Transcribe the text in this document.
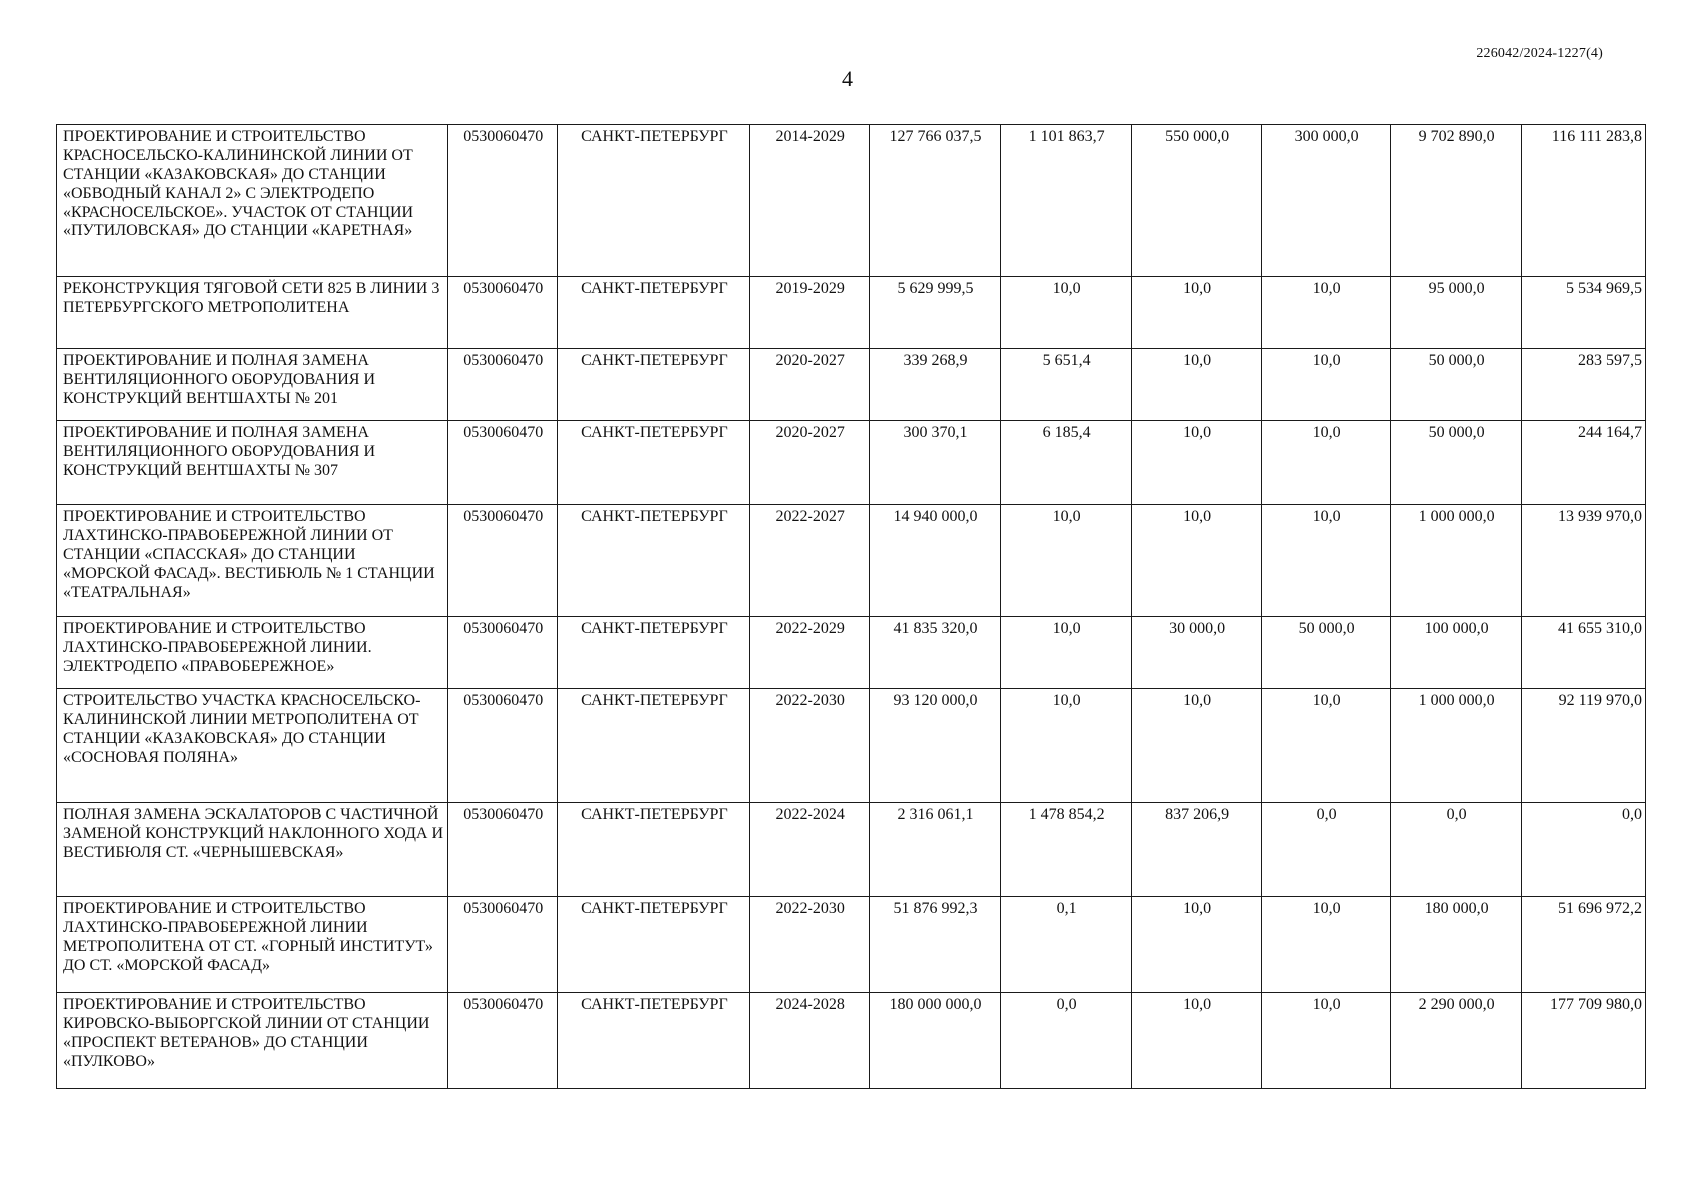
226042/2024-1227(4)
4
ПРОЕКТИРОВАНИЕ И СТРОИТЕЛЬСТВО КРАСНОСЕЛЬСКО-КАЛИНИНСКОЙ ЛИНИИ ОТ СТАНЦИИ «КАЗАКОВСКАЯ» ДО СТАНЦИИ «ОБВОДНЫЙ КАНАЛ 2» С ЭЛЕКТРОДЕПО «КРАСНОСЕЛЬСКОЕ». УЧАСТОК ОТ СТАНЦИИ «ПУТИЛОВСКАЯ» ДО СТАНЦИИ «КАРЕТНАЯ»	0530060470	САНКТ-ПЕТЕРБУРГ	2014-2029	127 766 037,5	1 101 863,7	550 000,0	300 000,0	9 702 890,0	116 111 283,8
РЕКОНСТРУКЦИЯ ТЯГОВОЙ СЕТИ 825 В ЛИНИИ 3 ПЕТЕРБУРГСКОГО МЕТРОПОЛИТЕНА	0530060470	САНКТ-ПЕТЕРБУРГ	2019-2029	5 629 999,5	10,0	10,0	10,0	95 000,0	5 534 969,5
ПРОЕКТИРОВАНИЕ И ПОЛНАЯ ЗАМЕНА ВЕНТИЛЯЦИОННОГО ОБОРУДОВАНИЯ И КОНСТРУКЦИЙ ВЕНТШАХТЫ № 201	0530060470	САНКТ-ПЕТЕРБУРГ	2020-2027	339 268,9	5 651,4	10,0	10,0	50 000,0	283 597,5
ПРОЕКТИРОВАНИЕ И ПОЛНАЯ ЗАМЕНА ВЕНТИЛЯЦИОННОГО ОБОРУДОВАНИЯ И КОНСТРУКЦИЙ ВЕНТШАХТЫ № 307	0530060470	САНКТ-ПЕТЕРБУРГ	2020-2027	300 370,1	6 185,4	10,0	10,0	50 000,0	244 164,7
ПРОЕКТИРОВАНИЕ И СТРОИТЕЛЬСТВО ЛАХТИНСКО-ПРАВОБЕРЕЖНОЙ ЛИНИИ ОТ СТАНЦИИ «СПАССКАЯ» ДО СТАНЦИИ «МОРСКОЙ ФАСАД». ВЕСТИБЮЛЬ № 1 СТАНЦИИ «ТЕАТРАЛЬНАЯ»	0530060470	САНКТ-ПЕТЕРБУРГ	2022-2027	14 940 000,0	10,0	10,0	10,0	1 000 000,0	13 939 970,0
ПРОЕКТИРОВАНИЕ И СТРОИТЕЛЬСТВО ЛАХТИНСКО-ПРАВОБЕРЕЖНОЙ ЛИНИИ. ЭЛЕКТРОДЕПО «ПРАВОБЕРЕЖНОЕ»	0530060470	САНКТ-ПЕТЕРБУРГ	2022-2029	41 835 320,0	10,0	30 000,0	50 000,0	100 000,0	41 655 310,0
СТРОИТЕЛЬСТВО УЧАСТКА КРАСНОСЕЛЬСКО-КАЛИНИНСКОЙ ЛИНИИ МЕТРОПОЛИТЕНА ОТ СТАНЦИИ «КАЗАКОВСКАЯ» ДО СТАНЦИИ «СОСНОВАЯ ПОЛЯНА»	0530060470	САНКТ-ПЕТЕРБУРГ	2022-2030	93 120 000,0	10,0	10,0	10,0	1 000 000,0	92 119 970,0
ПОЛНАЯ ЗАМЕНА ЭСКАЛАТОРОВ С ЧАСТИЧНОЙ ЗАМЕНОЙ КОНСТРУКЦИЙ НАКЛОННОГО ХОДА И ВЕСТИБЮЛЯ СТ. «ЧЕРНЫШЕВСКАЯ»	0530060470	САНКТ-ПЕТЕРБУРГ	2022-2024	2 316 061,1	1 478 854,2	837 206,9	0,0	0,0	0,0
ПРОЕКТИРОВАНИЕ И СТРОИТЕЛЬСТВО ЛАХТИНСКО-ПРАВОБЕРЕЖНОЙ ЛИНИИ МЕТРОПОЛИТЕНА ОТ СТ. «ГОРНЫЙ ИНСТИТУТ» ДО СТ. «МОРСКОЙ ФАСАД»	0530060470	САНКТ-ПЕТЕРБУРГ	2022-2030	51 876 992,3	0,1	10,0	10,0	180 000,0	51 696 972,2
ПРОЕКТИРОВАНИЕ И СТРОИТЕЛЬСТВО КИРОВСКО-ВЫБОРГСКОЙ ЛИНИИ ОТ СТАНЦИИ «ПРОСПЕКТ ВЕТЕРАНОВ» ДО СТАНЦИИ «ПУЛКОВО»	0530060470	САНКТ-ПЕТЕРБУРГ	2024-2028	180 000 000,0	0,0	10,0	10,0	2 290 000,0	177 709 980,0
